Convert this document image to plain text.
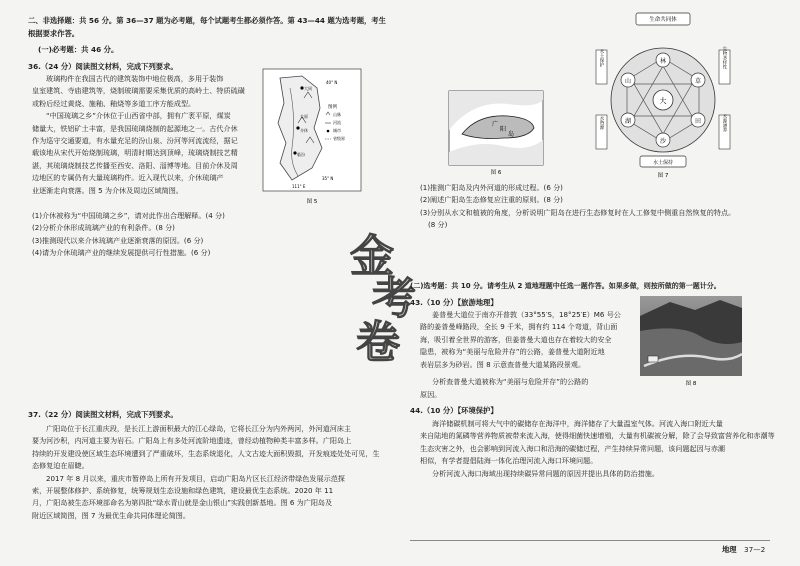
二、非选择题：共 56 分。第 36—37 题为必考题，每个试题考生都必须作答。第 43—44 题为选考题，考生
根据要求作答。
(一)必考题：共 46 分。
36.（24 分）阅读图文材料，完成下列要求。
玻璃构件在我国古代的建筑装饰中地位极高，多用于装饰
皇室建筑、寺庙建筑等，烧制玻璃需要采集优质的高岭土、特质硫磺
或粉后经过黄烧、施釉、釉烧等多道工序方能成型。
“中国琉璃之乡”介休位于山西省中部，拥有广袤平原，煤炭
储量大，铁铝矿土丰富，是我国琉璃烧制的起源地之一。古代介休
作为巡守交通要道，有水量充足的汾山泉、汾河等河流流经，据记
载该地从宋代开始烧制琉璃，明清时期达到顶峰，琉璃烧制技艺精
湛，其琉璃烧制技艺传播至西安、洛阳、淄博等地。目前介休及周
边地区的专属仍有大量琉璃构件。近入现代以来，介休琉璃产
业逐渐走向衰落。图 5 为介休及周边区域简图。
40° N
大同
太原
介休
临汾
35° N
111° E
图例
山脉
河流
城市
省级界
图 5
(1)介休被称为“中国琉璃之乡”，请对此作出合理解释。(4 分)
(2)分析介休形成琉璃产业的有利条件。(8 分)
(3)推测现代以来介休琉璃产业逐渐衰落的原因。(6 分)
(4)请为介休琉璃产业的继续发展提供可行性措施。(6 分)
37.（22 分）阅读图文材料，完成下列要求。
广阳岛位于长江重庆段，是长江上游面积最大的江心绿岛，它将长江分为内外两河，外河道河床主
要为河沙积，内河道主要为岩石。广阳岛上有多处河流阶地遗迹，曾经动植物种类丰富多样。广阳岛上
持续的开发建设使区域生态环境遭到了严重破坏，生态系统退化，人文古迹大面积毁损，开发痕迹处处可见，生
态修复迫在眉睫。
2017 年 8 月以来，重庆市暂停岛上所有开发项目，启动广阳岛片区长江经济带绿色发展示范探
索，开展整体修护、系统修复，统筹规划生态设施和绿色建筑，建设最优生态系统。2020 年 11
月，广阳岛被生态环境部命名为第四批“绿水青山就是金山银山”实践创新基地。图 6 为广阳岛及
附近区域简图，图 7 为最优生命共同体理论简图。
广
阳
岛
图 6
生命共同体
大
林
草
山
田
湖
沙
水土保护	生物多样性
水资源	水源涵养
水土保持
图 7
(1)推测广阳岛及内外河道的形成过程。(6 分)
(2)阐述广阳岛生态修复应注重的原则。(8 分)
(3)分别从水文和植被的角度，分析说明广阳岛在进行生态修复时在人工修复中侧重自然恢复的特点。
(8 分)
金
考
卷
(二)选考题：共 10 分。请考生从 2 道地理题中任选一题作答。如果多做，则按所做的第一题计分。
43.（10 分）【旅游地理】
姜普曼大道位于南亦开普敦（33°55′S，18°25′E）M6 号公
路的姜普曼峰路段，全长 9 千米，拥有约 114 个弯道，背山面
海，吸引着全世界的游客，但姜普曼大道也存在着较大的安全
隐患，被称为“美丽与危险并存”的公路，姜普曼大道附近地
表岩层多为砂岩。图 8 示意查普曼大道某路段景观。
分析查普曼大道被称为“美丽与危险并存”的公路的
原因。
图 8
44.（10 分）【环境保护】
海洋储碳机制可将大气中的碳储存在海洋中，海洋储存了大量温室气体。河流入海口附近大量
来自陆地的氮磷等营养物质被带来流入海，使得细菌快速增殖，大量有机碳被分解，除了会导致富营养化和赤潮等
生态灾害之外，也会影响到河流入海口和沿海的碳储过程，产生持续异常问题，该问题起因与赤潮
相似，有学者提倡陆海一体化治理河流入海口环境问题。
分析河流入海口海域出现持续碳异常问题的原因并提出具体的防治措施。
地理 37—2
